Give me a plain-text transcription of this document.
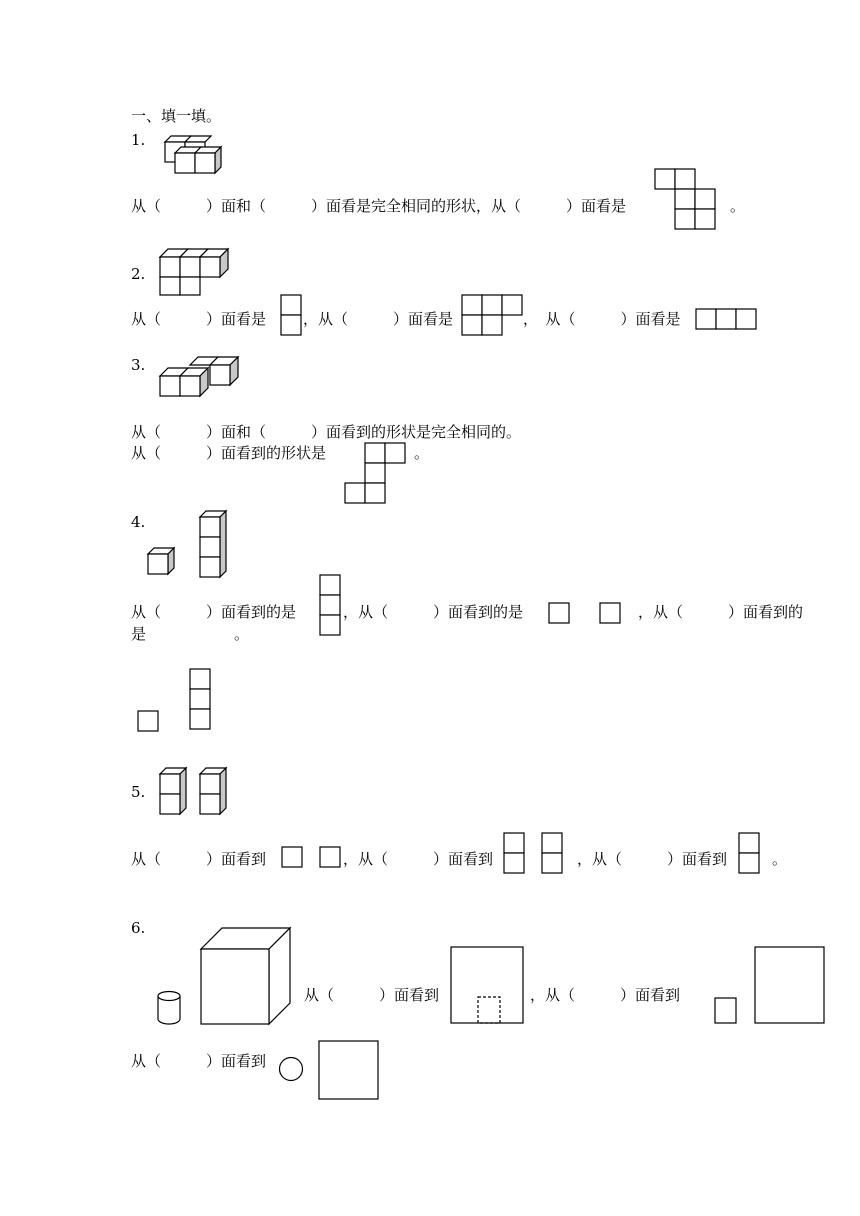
一、填一填。
1.
从（　　　）面和（　　　）面看是完全相同的形状，从（　　　）面看是	。
2.
从（　　　）面看是 ，从（　　　）面看是	，　从（　　　）面看是
3.
从（　　　）面和（　　　）面看到的形状是完全相同的。
从（　　　）面看到的形状是	。
4.
从（　　　）面看到的是	，从（　　　）面看到的是	，从（　　　）面看到的
是	。
5.
从（　　　）面看到	，从（　　　）面看到	，从（　　　）面看到	。
6.
从（　　　）面看到	，从（　　　）面看到
从（　　　）面看到
